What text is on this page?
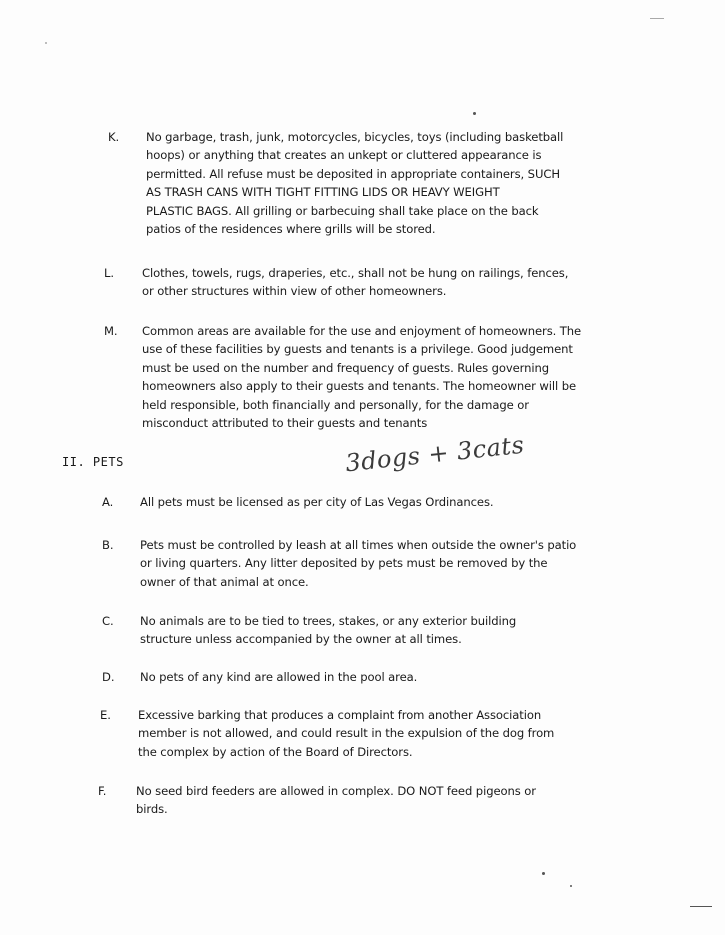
K. No garbage, trash, junk, motorcycles, bicycles, toys (including basketball
hoops) or anything that creates an unkept or cluttered appearance is
permitted. All refuse must be deposited in appropriate containers, SUCH
AS TRASH CANS WITH TIGHT FITTING LIDS OR HEAVY WEIGHT
PLASTIC BAGS. All grilling or barbecuing shall take place on the back
patios of the residences where grills will be stored.
L. Clothes, towels, rugs, draperies, etc., shall not be hung on railings, fences,
or other structures within view of other homeowners.
M. Common areas are available for the use and enjoyment of homeowners. The
use of these facilities by guests and tenants is a privilege. Good judgement
must be used on the number and frequency of guests. Rules governing
homeowners also apply to their guests and tenants. The homeowner will be
held responsible, both financially and personally, for the damage or
misconduct attributed to their guests and tenants
II. PETS	3dogs + 3cats
A. All pets must be licensed as per city of Las Vegas Ordinances.
B. Pets must be controlled by leash at all times when outside the owner's patio
or living quarters. Any litter deposited by pets must be removed by the
owner of that animal at once.
C. No animals are to be tied to trees, stakes, or any exterior building
structure unless accompanied by the owner at all times.
D. No pets of any kind are allowed in the pool area.
E. Excessive barking that produces a complaint from another Association
member is not allowed, and could result in the expulsion of the dog from
the complex by action of the Board of Directors.
F.	No seed bird feeders are allowed in complex. DO NOT feed pigeons or
birds.
